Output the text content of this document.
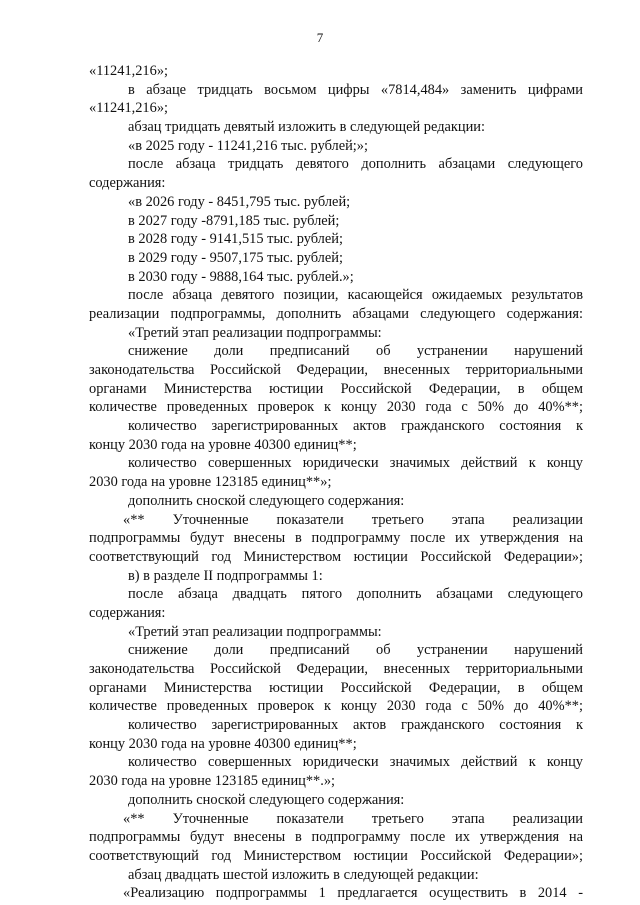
7
«11241,216»;
в абзаце тридцать восьмом цифры «7814,484» заменить цифрами
«11241,216»;
абзац тридцать девятый изложить в следующей редакции:
«в 2025 году - 11241,216 тыс. рублей;»;
после абзаца тридцать девятого дополнить абзацами следующего
содержания:
«в 2026 году - 8451,795 тыс. рублей;
в 2027 году -8791,185 тыс. рублей;
в 2028 году - 9141,515 тыс. рублей;
в 2029 году - 9507,175 тыс. рублей;
в 2030 году - 9888,164 тыс. рублей.»;
после абзаца девятого позиции, касающейся ожидаемых результатов
реализации подпрограммы, дополнить абзацами следующего содержания:
«Третий этап реализации подпрограммы:
снижение доли предписаний об устранении нарушений
законодательства Российской Федерации, внесенных территориальными
органами Министерства юстиции Российской Федерации, в общем
количестве проведенных проверок к концу 2030 года с 50% до 40%**;
количество зарегистрированных актов гражданского состояния к
концу 2030 года на уровне 40300 единиц**;
количество совершенных юридически значимых действий к концу
2030 года на уровне 123185 единиц**»;
дополнить сноской следующего содержания:
«** Уточненные показатели третьего этапа реализации
подпрограммы будут внесены в подпрограмму после их утверждения на
соответствующий год Министерством юстиции Российской Федерации»;
в) в разделе II подпрограммы 1:
после абзаца двадцать пятого дополнить абзацами следующего
содержания:
«Третий этап реализации подпрограммы:
снижение доли предписаний об устранении нарушений
законодательства Российской Федерации, внесенных территориальными
органами Министерства юстиции Российской Федерации, в общем
количестве проведенных проверок к концу 2030 года с 50% до 40%**;
количество зарегистрированных актов гражданского состояния к
концу 2030 года на уровне 40300 единиц**;
количество совершенных юридически значимых действий к концу
2030 года на уровне 123185 единиц**.»;
дополнить сноской следующего содержания:
«** Уточненные показатели третьего этапа реализации
подпрограммы будут внесены в подпрограмму после их утверждения на
соответствующий год Министерством юстиции Российской Федерации»;
абзац двадцать шестой изложить в следующей редакции:
«Реализацию подпрограммы 1 предлагается осуществить в 2014 -
